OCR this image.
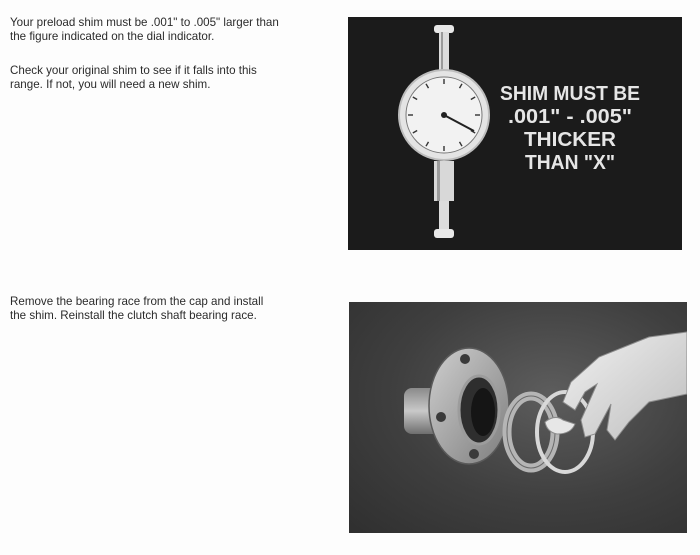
Your preload shim must be .001" to .005" larger than the figure indicated on the dial indicator.

Check your original shim to see if it falls into this range. If not, you will need a new shim.

Remove the bearing race from the cap and install the shim. Reinstall the clutch shaft bearing race.

SHIM MUST BE
.001" - .005"
THICKER
THAN "X"
